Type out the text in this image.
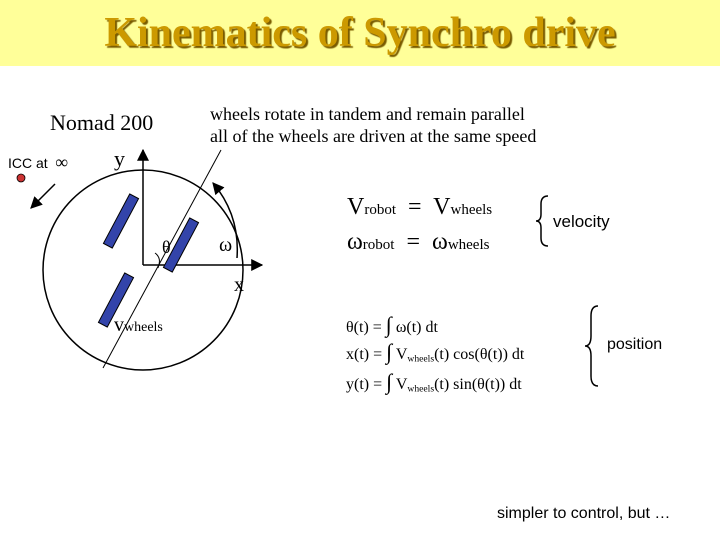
Kinematics of Synchro drive
Nomad 200	wheels rotate in tandem and remain parallel
all of the wheels are driven at the same speed
ICC at ∞ y
x
θ ω
vwheels
Vrobot = Vwheels
ωrobot = ωwheels
velocity
θ(t) = ∫ ω(t) dt
x(t) = ∫ $V_{wheels}(t)$ cos(θ(t)) dt
y(t) = ∫ $V_{wheels}(t)$ sin(θ(t)) dt
position
simpler to control, but …
